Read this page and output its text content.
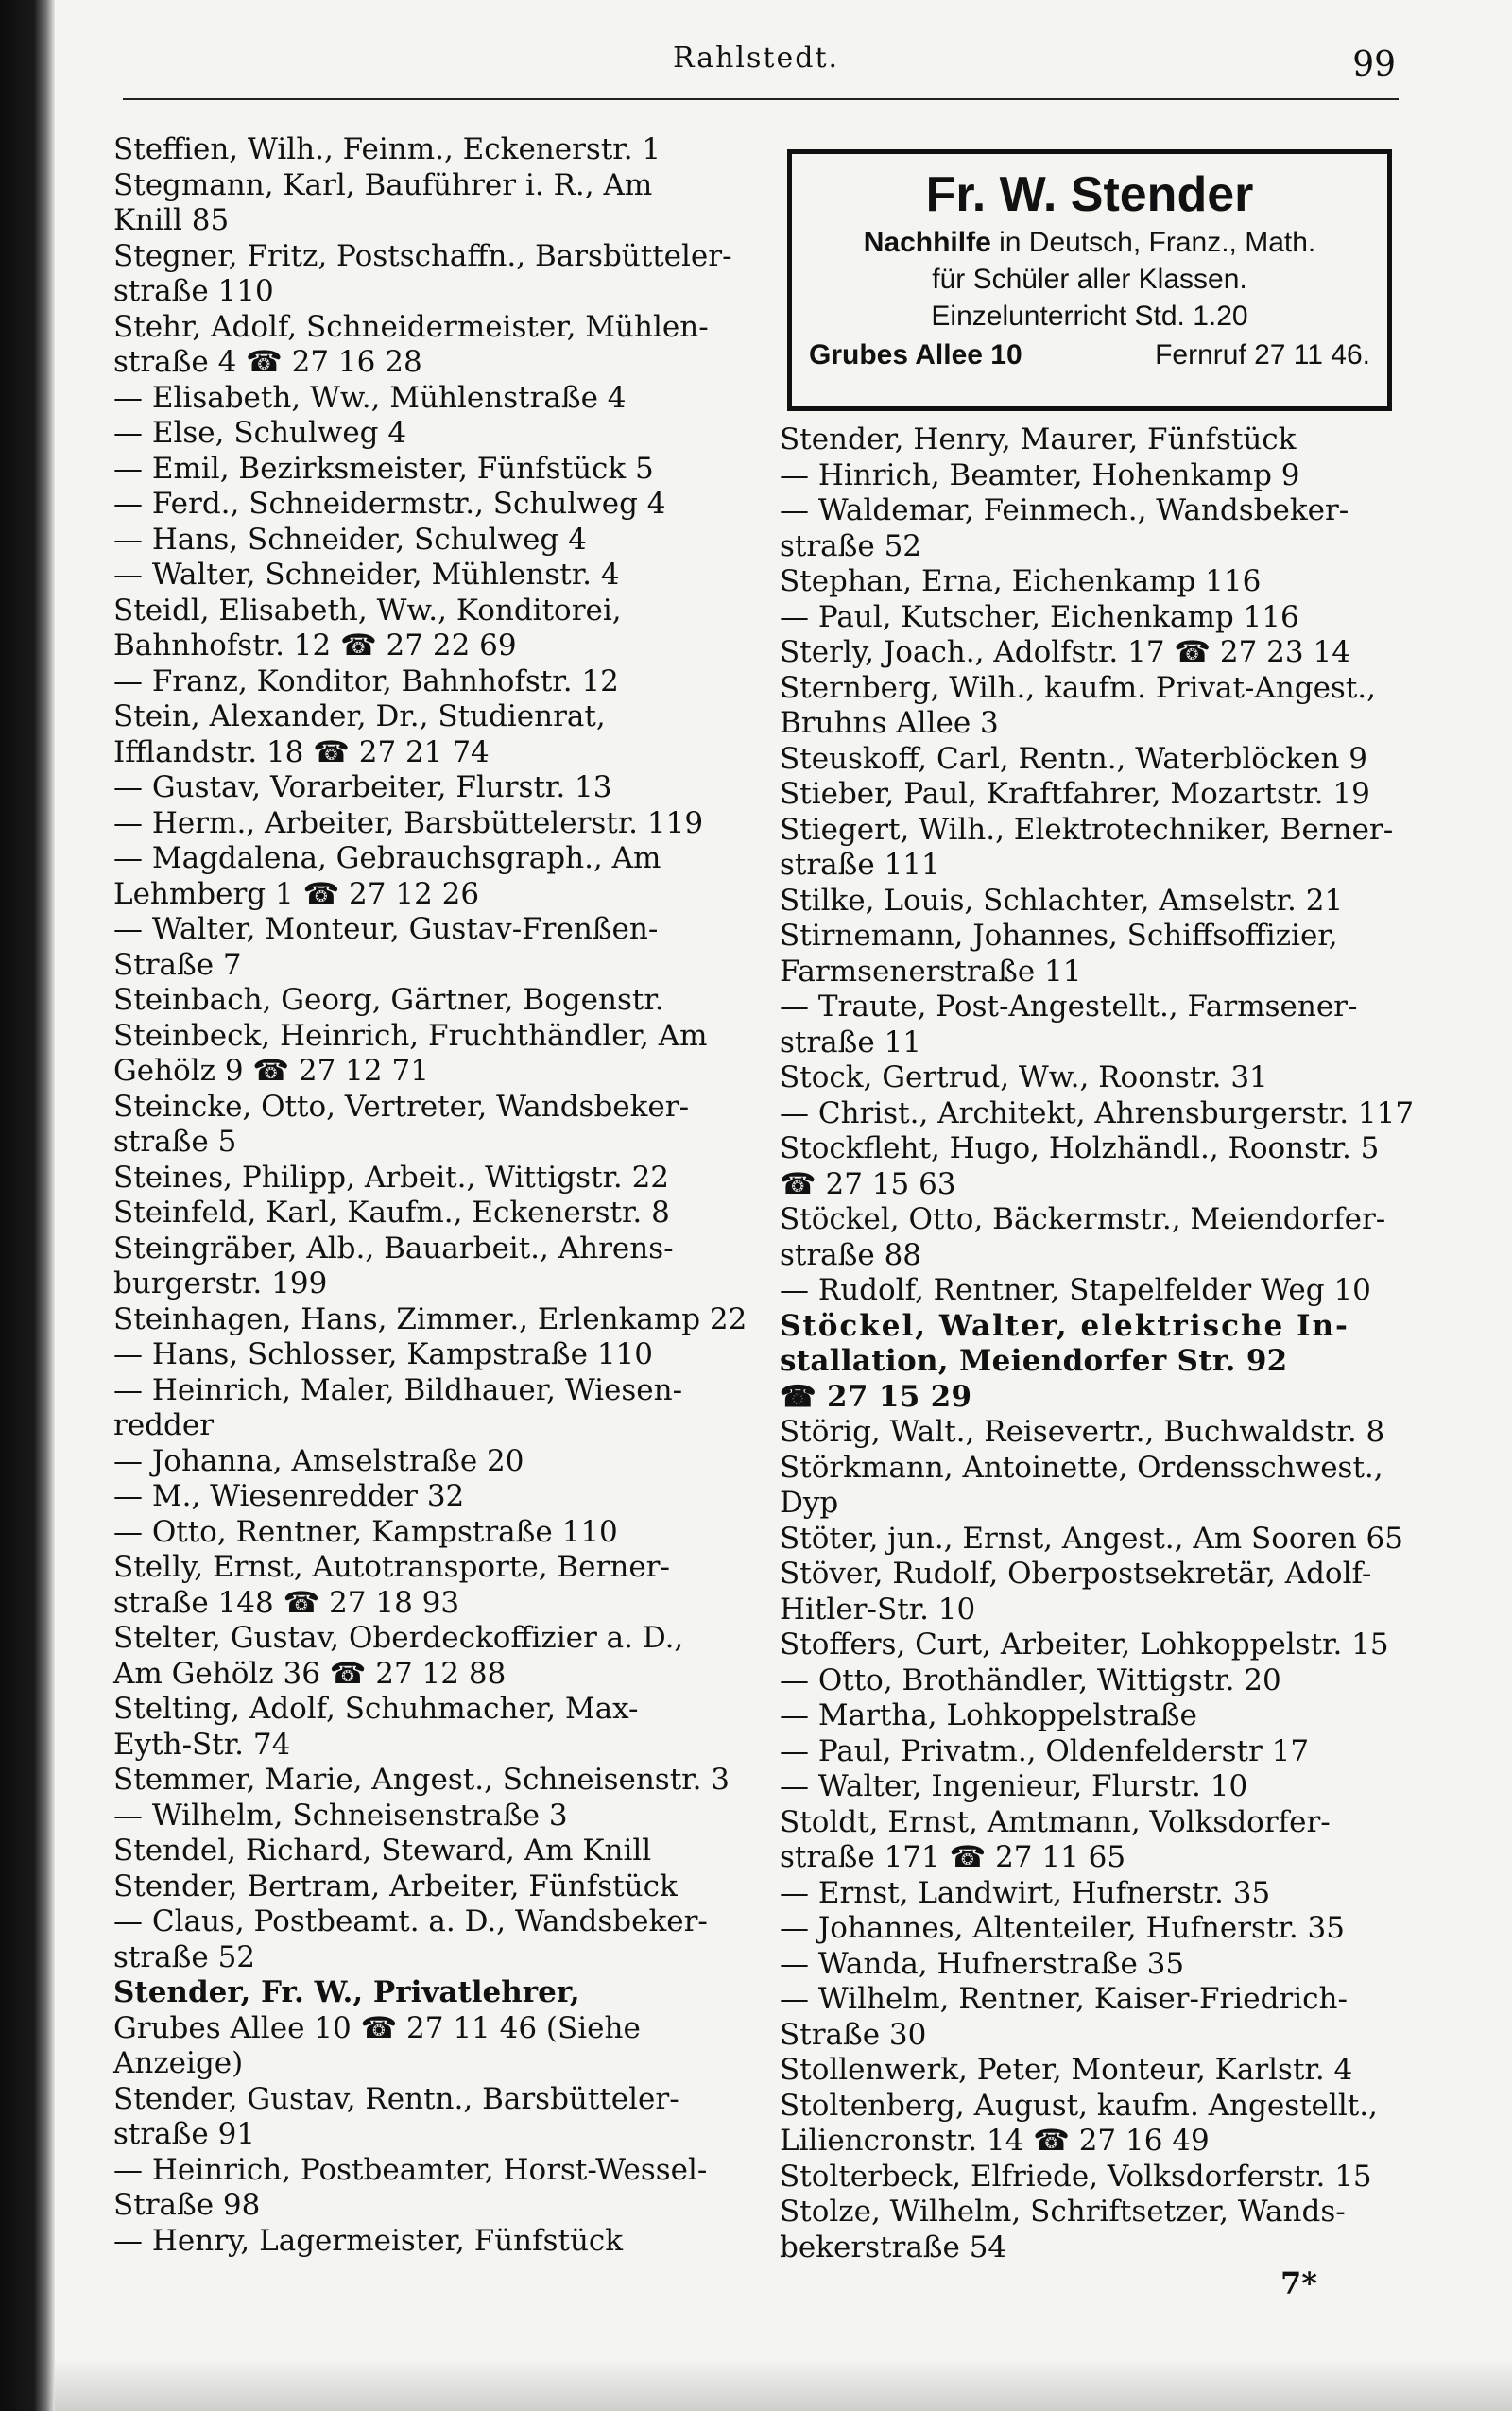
Rahlstedt.	99
Steffien, Wilh., Feinm., Eckenerstr. 1
Stegmann, Karl, Bauführer i. R., Am
Knill 85
Stegner, Fritz, Postschaffn., Barsbütteler-
straße 110
Stehr, Adolf, Schneidermeister, Mühlen-
straße 4 ☎ 27 16 28
— Elisabeth, Ww., Mühlenstraße 4
— Else, Schulweg 4
— Emil, Bezirksmeister, Fünfstück 5
— Ferd., Schneidermstr., Schulweg 4
— Hans, Schneider, Schulweg 4
— Walter, Schneider, Mühlenstr. 4
Steidl, Elisabeth, Ww., Konditorei,
Bahnhofstr. 12 ☎ 27 22 69
— Franz, Konditor, Bahnhofstr. 12
Stein, Alexander, Dr., Studienrat,
Ifflandstr. 18 ☎ 27 21 74
— Gustav, Vorarbeiter, Flurstr. 13
— Herm., Arbeiter, Barsbüttelerstr. 119
— Magdalena, Gebrauchsgraph., Am
Lehmberg 1 ☎ 27 12 26
— Walter, Monteur, Gustav-Frenßen-
Straße 7
Steinbach, Georg, Gärtner, Bogenstr.
Steinbeck, Heinrich, Fruchthändler, Am
Gehölz 9 ☎ 27 12 71
Steincke, Otto, Vertreter, Wandsbeker-
straße 5
Steines, Philipp, Arbeit., Wittigstr. 22
Steinfeld, Karl, Kaufm., Eckenerstr. 8
Steingräber, Alb., Bauarbeit., Ahrens-
burgerstr. 199
Steinhagen, Hans, Zimmer., Erlenkamp 22
— Hans, Schlosser, Kampstraße 110
— Heinrich, Maler, Bildhauer, Wiesen-
redder
— Johanna, Amselstraße 20
— M., Wiesenredder 32
— Otto, Rentner, Kampstraße 110
Stelly, Ernst, Autotransporte, Berner-
straße 148 ☎ 27 18 93
Stelter, Gustav, Oberdeckoffizier a. D.,
Am Gehölz 36 ☎ 27 12 88
Stelting, Adolf, Schuhmacher, Max-
Eyth-Str. 74
Stemmer, Marie, Angest., Schneisenstr. 3
— Wilhelm, Schneisenstraße 3
Stendel, Richard, Steward, Am Knill
Stender, Bertram, Arbeiter, Fünfstück
— Claus, Postbeamt. a. D., Wandsbeker-
straße 52
Stender, Fr. W., Privatlehrer,
Grubes Allee 10 ☎ 27 11 46 (Siehe
Anzeige)
Stender, Gustav, Rentn., Barsbütteler-
straße 91
— Heinrich, Postbeamter, Horst-Wessel-
Straße 98
— Henry, Lagermeister, Fünfstück
Fr. W. Stender
Nachhilfe in Deutsch, Franz., Math.
für Schüler aller Klassen.
Einzelunterricht Std. 1.20
Grubes Allee 10	Fernruf 27 11 46.
Stender, Henry, Maurer, Fünfstück
— Hinrich, Beamter, Hohenkamp 9
— Waldemar, Feinmech., Wandsbeker-
straße 52
Stephan, Erna, Eichenkamp 116
— Paul, Kutscher, Eichenkamp 116
Sterly, Joach., Adolfstr. 17 ☎ 27 23 14
Sternberg, Wilh., kaufm. Privat-Angest.,
Bruhns Allee 3
Steuskoff, Carl, Rentn., Waterblöcken 9
Stieber, Paul, Kraftfahrer, Mozartstr. 19
Stiegert, Wilh., Elektrotechniker, Berner-
straße 111
Stilke, Louis, Schlachter, Amselstr. 21
Stirnemann, Johannes, Schiffsoffizier,
Farmsenerstraße 11
— Traute, Post-Angestellt., Farmsener-
straße 11
Stock, Gertrud, Ww., Roonstr. 31
— Christ., Architekt, Ahrensburgerstr. 117
Stockfleht, Hugo, Holzhändl., Roonstr. 5
☎ 27 15 63
Stöckel, Otto, Bäckermstr., Meiendorfer-
straße 88
— Rudolf, Rentner, Stapelfelder Weg 10
Stöckel, Walter, elektrische In-
stallation, Meiendorfer Str. 92
☎ 27 15 29
Störig, Walt., Reisevertr., Buchwaldstr. 8
Störkmann, Antoinette, Ordensschwest.,
Dyp
Stöter, jun., Ernst, Angest., Am Sooren 65
Stöver, Rudolf, Oberpostsekretär, Adolf-
Hitler-Str. 10
Stoffers, Curt, Arbeiter, Lohkoppelstr. 15
— Otto, Brothändler, Wittigstr. 20
— Martha, Lohkoppelstraße
— Paul, Privatm., Oldenfelderstr 17
— Walter, Ingenieur, Flurstr. 10
Stoldt, Ernst, Amtmann, Volksdorfer-
straße 171 ☎ 27 11 65
— Ernst, Landwirt, Hufnerstr. 35
— Johannes, Altenteiler, Hufnerstr. 35
— Wanda, Hufnerstraße 35
— Wilhelm, Rentner, Kaiser-Friedrich-
Straße 30
Stollenwerk, Peter, Monteur, Karlstr. 4
Stoltenberg, August, kaufm. Angestellt.,
Liliencronstr. 14 ☎ 27 16 49
Stolterbeck, Elfriede, Volksdorferstr. 15
Stolze, Wilhelm, Schriftsetzer, Wands-
bekerstraße 54
7*
